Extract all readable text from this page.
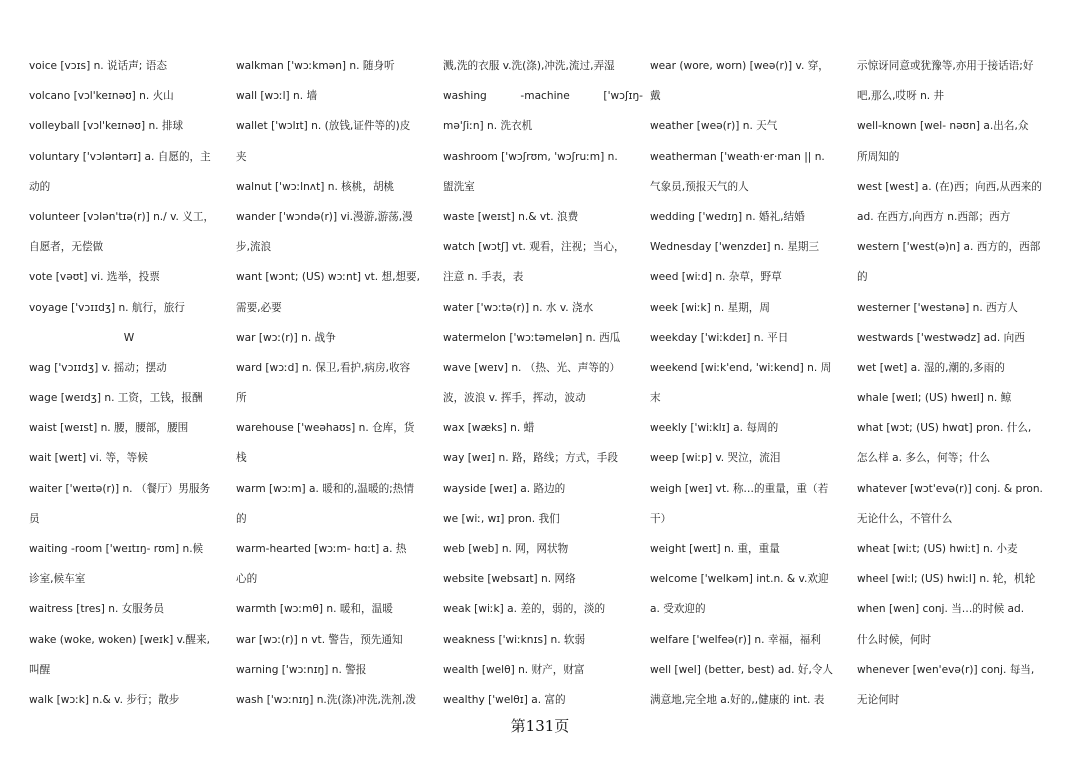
voice [vɔɪs] n. 说话声; 语态
volcano [vɔl'keɪnəʊ] n. 火山
volleyball [vɔl'keɪnəʊ] n. 排球
voluntary ['vɔləntərɪ] a. 自愿的，主
动的
volunteer [vɔlən'tɪə(r)] n./ v. 义工，
自愿者，无偿做
vote [vəʊt] vi. 选举，投票
voyage ['vɔɪɪdʒ] n. 航行，旅行
W
wag ['vɔɪɪdʒ] v. 摇动；摆动
wage [weɪdʒ] n. 工资，工钱，报酬
waist [weɪst] n. 腰，腰部，腰围
wait [weɪt] vi. 等，等候
waiter ['weɪtə(r)] n. （餐厅）男服务
员
waiting -room ['weɪtɪŋ- rʊm] n.候
诊室,候车室
waitress [tres] n. 女服务员
wake (woke, woken) [weɪk] v.醒来,
叫醒
walk [wɔːk] n.& v. 步行；散步
walkman ['wɔːkmən] n. 随身听
wall [wɔːl] n. 墙
wallet ['wɔlɪt] n. (放钱,证件等的)皮
夹
walnut ['wɔːlnʌt] n. 核桃，胡桃
wander ['wɔndə(r)] vi.漫游,游荡,漫
步,流浪
want [wɔnt; (US) wɔːnt] vt. 想,想要,
需要,必要
war [wɔː(r)] n. 战争
ward [wɔːd] n. 保卫,看护,病房,收容
所
warehouse ['weəhaʊs] n. 仓库，货
栈
warm [wɔːm] a. 暖和的,温暖的;热情
的
warm-hearted [wɔːm- hɑːt] a. 热
心的
warmth [wɔːmθ] n. 暖和，温暖
war [wɔː(r)] n vt. 警告，预先通知
warning ['wɔːnɪŋ] n. 警报
wash ['wɔːnɪŋ] n.洗(涤)冲洗,洗剂,泼
溅,洗的衣服 v.洗(涤),冲洗,流过,弄湿
washing -machine ['wɔʃɪŋ-
mə'ʃiːn] n. 洗衣机
washroom ['wɔʃrʊm, 'wɔʃruːm] n.
盥洗室
waste [weɪst] n.& vt. 浪费
watch [wɔtʃ] vt. 观看，注视；当心，
注意 n. 手表，表
water ['wɔːtə(r)] n. 水 v. 浇水
watermelon ['wɔːtəmelən] n. 西瓜
wave [weɪv] n. （热、光、声等的）
波，波浪 v. 挥手，挥动，波动
wax [wæks] n. 蜡
way [weɪ] n. 路，路线；方式，手段
wayside [weɪ] a. 路边的
we [wiː, wɪ] pron. 我们
web [web] n. 网，网状物
website [websaɪt] n. 网络
weak [wiːk] a. 差的，弱的，淡的
weakness ['wiːknɪs] n. 软弱
wealth [welθ] n. 财产，财富
wealthy ['welθɪ] a. 富的
wear (wore, worn) [weə(r)] v. 穿，
戴
weather [weə(r)] n. 天气
weatherman ['weath·er·man || n.
气象员,预报天气的人
wedding ['wedɪŋ] n. 婚礼,结婚
Wednesday ['wenzdeɪ] n. 星期三
weed [wiːd] n. 杂草，野草
week [wiːk] n. 星期，周
weekday ['wiːkdeɪ] n. 平日
weekend [wiːk'end, 'wiːkend] n. 周
末
weekly ['wiːklɪ] a. 每周的
weep [wiːp] v. 哭泣，流泪
weigh [weɪ] vt. 称…的重量，重（若
干）
weight [weɪt] n. 重，重量
welcome ['welkəm] int.n. & v.欢迎
a. 受欢迎的
welfare ['welfeə(r)] n. 幸福，福利
well [wel] (better, best) ad. 好,令人
满意地,完全地 a.好的,,健康的 int. 表
示惊讶同意或犹豫等,亦用于接话语;好
吧,那么,哎呀 n. 井
well-known [wel- nəʊn] a.出名,众
所周知的
west [west] a. (在)西；向西,从西来的
ad. 在西方,向西方 n.西部；西方
western ['west(ə)n] a. 西方的，西部
的
westerner ['westənə] n. 西方人
westwards ['westwədz] ad. 向西
wet [wet] a. 湿的,潮的,多雨的
whale [weɪl; (US) hweɪl] n. 鲸
what [wɔt; (US) hwɑt] pron. 什么,
怎么样 a. 多么，何等；什么
whatever [wɔt'evə(r)] conj. & pron.
无论什么，不管什么
wheat [wiːt; (US) hwiːt] n. 小麦
wheel [wiːl; (US) hwiːl] n. 轮，机轮
when [wen] conj. 当…的时候 ad.
什么时候，何时
whenever [wen'evə(r)] conj. 每当,
无论何时
第131页
